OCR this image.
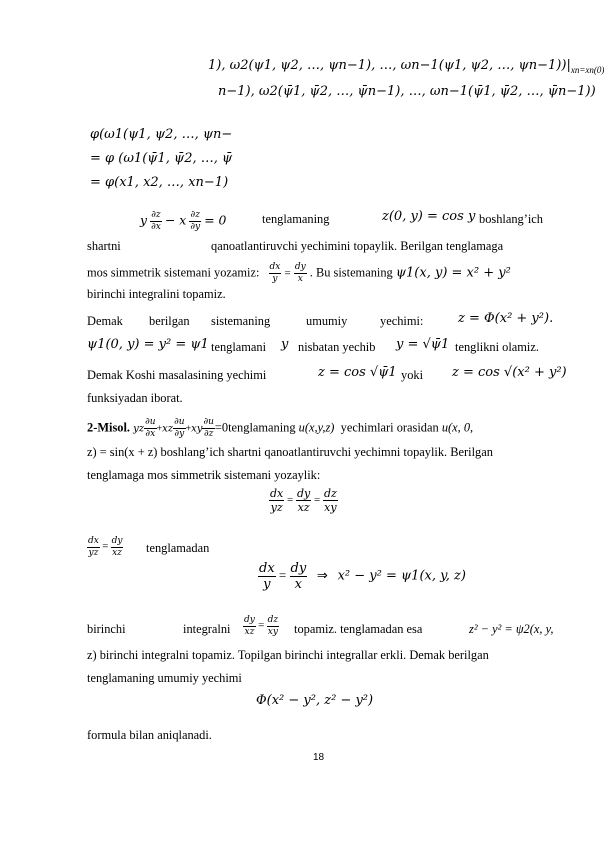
1), ω2(ψ1, ψ2, …, ψn−1), …, ωn−1(ψ1, ψ2, …, $\psi n-1))|_{xn=xn(0)}$
n−1), ω2(ψ̄1, ψ̄2, …, ψ̄n−1), …, ωn−1(ψ̄1, ψ̄2, …, ψ̄n−1))
φ(ω1(ψ1, ψ2, …, ψn−
= φ (ω1(ψ̄1, ψ̄2, …, ψ̄
= φ(x1, x2, …, xn−1)
y $\frac{\partial z}{\partial x} - x \frac{\partial z}{\partial y} = 0$	tenglamaning	z(0, y) = cos y boshlang’ich
shartni	qanoatlantiruvchi yechimini topaylik. Berilgan tenglamaga
mos simmetrik sistemani yozamiz: $\frac{dx}{y} = \frac{dy}{x}$ . Bu sistemaning ψ1(x, y) = x² + y²
birinchi integralini topamiz.
Demak berilgan sistemaning	umumiy	yechimi:	z = Φ(x² + y²).
ψ1(0, y) = y² = ψ1 tenglamani y nisbatan yechib y = √ψ̄1 tenglikni olamiz.
Demak Koshi masalasining yechimi	z = cos √ψ̄1 yoki z = cos √(x² + y²)
funksiyadan iborat.
2-Misol. yz $\frac{\partial u}{\partial x} +xz \frac{\partial u}{\partial y} +xy \frac{\partial u}{\partial z}$ =0tenglamaning u(x,y,z) yechimlari orasidan u(x, 0,
z) = sin(x + z) boshlang’ich shartni qanoatlantiruvchi yechimni topaylik. Berilgan
tenglamaga mos simmetrik sistemani yozaylik:
$\frac{dx}{yz} = \frac{dy}{xz} = \frac{dz}{xy}$
$\frac{dx}{yz} = \frac{dy}{xz}$ tenglamadan
$\frac{dx}{y} = \frac{dy}{x}$ ⇒ x² − y² = ψ1(x, y, z)
birinchi	integralni $\frac{dy}{xz} = \frac{dz}{xy}$ topamiz. tenglamadan esa	z² − y² = ψ2(x, y,
z) birinchi integralni topamiz. Topilgan birinchi integrallar erkli. Demak berilgan
tenglamaning umumiy yechimi
Φ(x² − y², z² − y²)
formula bilan aniqlanadi.
18
